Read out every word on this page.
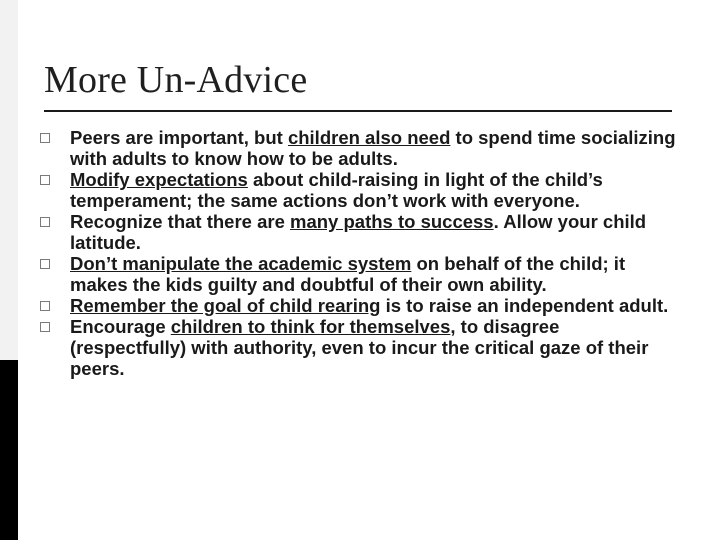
More Un-Advice
Peers are important, but children also need to spend time socializing with adults to know how to be adults.
Modify expectations about child-raising in light of the child’s temperament; the same actions don’t work with everyone.
Recognize that there are many paths to success. Allow your child latitude.
Don’t manipulate the academic system on behalf of the child; it makes the kids guilty and doubtful of their own ability.
Remember the goal of child rearing is to raise an independent adult.
Encourage children to think for themselves, to disagree (respectfully) with authority, even to incur the critical gaze of their peers.
